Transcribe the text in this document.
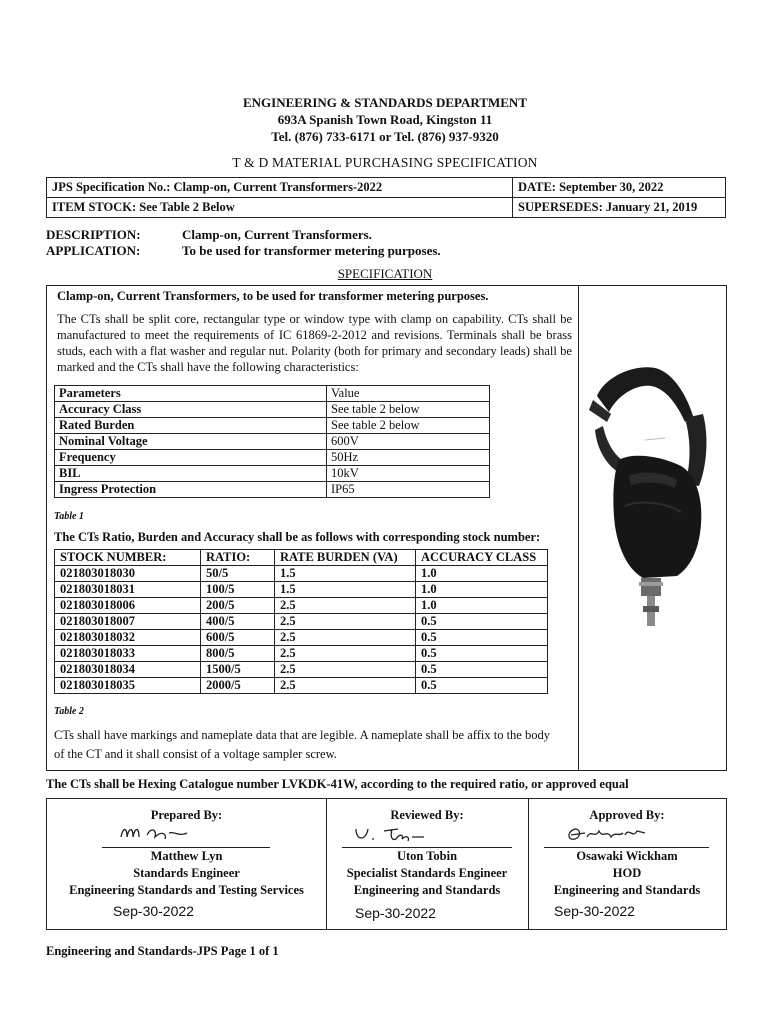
ENGINEERING & STANDARDS DEPARTMENT
693A Spanish Town Road, Kingston 11
Tel. (876) 733-6171 or Tel. (876) 937-9320
T & D MATERIAL PURCHASING SPECIFICATION
JPS Specification No.: Clamp-on, Current Transformers-2022	DATE: September 30, 2022
ITEM STOCK: See Table 2 Below	SUPERSEDES: January 21, 2019
DESCRIPTION:	Clamp-on, Current Transformers.
APPLICATION:	To be used for transformer metering purposes.
SPECIFICATION
Clamp-on, Current Transformers, to be used for transformer metering purposes.
The CTs shall be split core, rectangular type or window type with clamp on capability. CTs shall be manufactured to meet the requirements of IC 61869-2-2012 and revisions. Terminals shall be brass studs, each with a flat washer and regular nut. Polarity (both for primary and secondary leads) shall be marked and the CTs shall have the following characteristics:
Parameters	Value
Accuracy Class	See table 2 below
Rated Burden	See table 2 below
Nominal Voltage	600V
Frequency	50Hz
BIL	10kV
Ingress Protection	IP65
Table 1
The CTs Ratio, Burden and Accuracy shall be as follows with corresponding stock number:
STOCK NUMBER:	RATIO:	RATE BURDEN (VA)	ACCURACY CLASS
021803018030	50/5	1.5	1.0
021803018031	100/5	1.5	1.0
021803018006	200/5	2.5	1.0
021803018007	400/5	2.5	0.5
021803018032	600/5	2.5	0.5
021803018033	800/5	2.5	0.5
021803018034	1500/5	2.5	0.5
021803018035	2000/5	2.5	0.5
Table 2
CTs shall have markings and nameplate data that are legible. A nameplate shall be affix to the body of the CT and it shall consist of a voltage sampler screw.
The CTs shall be Hexing Catalogue number LVKDK-41W, according to the required ratio, or approved equal
Prepared By:
Matthew Lyn
Standards Engineer
Engineering Standards and Testing Services
Sep-30-2022
Reviewed By:
Uton Tobin
Specialist Standards Engineer
Engineering and Standards
Sep-30-2022
Approved By:
Osawaki Wickham
HOD
Engineering and Standards
Sep-30-2022
Engineering and Standards-JPS Page 1 of 1
